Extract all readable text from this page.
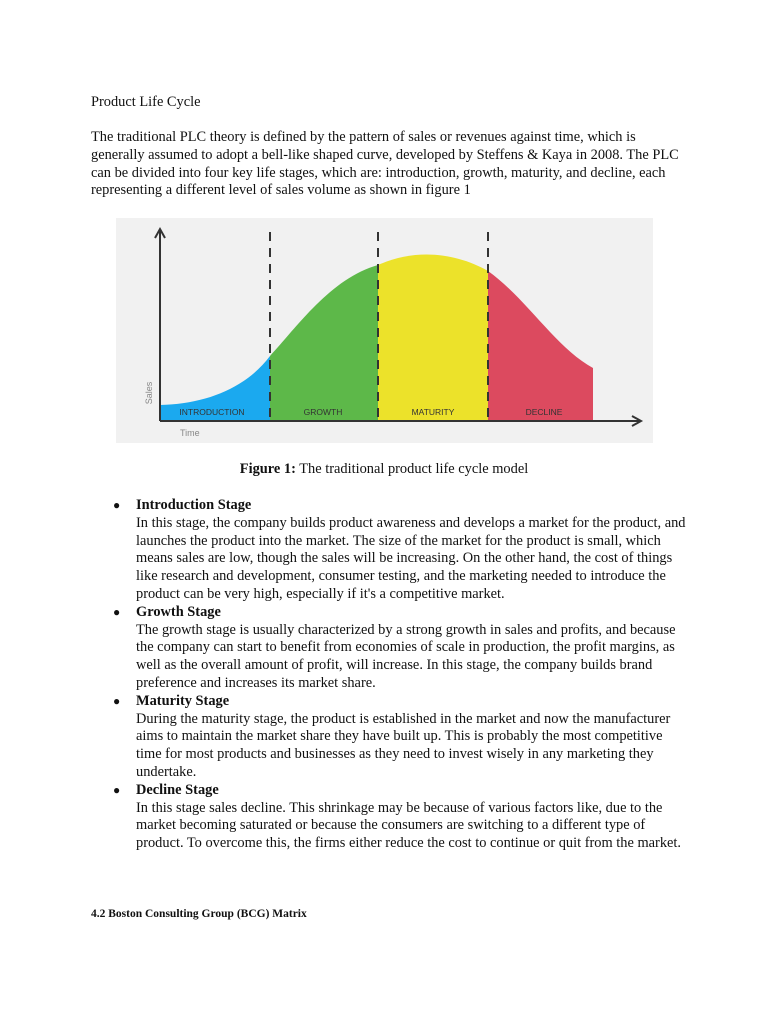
Product Life Cycle
The traditional PLC theory is defined by the pattern of sales or revenues against time, which is generally assumed to adopt a bell-like shaped curve, developed by Steffens & Kaya in 2008. The PLC can be divided into four key life stages, which are: introduction, growth, maturity, and decline, each representing a different level of sales volume as shown in figure 1
INTRODUCTION	GROWTH	MATURITY	DECLINE
Sales
Time
Figure 1: The traditional product life cycle model
● Introduction Stage
In this stage, the company builds product awareness and develops a market for the product, and launches the product into the market. The size of the market for the product is small, which means sales are low, though the sales will be increasing. On the other hand, the cost of things like research and development, consumer testing, and the marketing needed to introduce the product can be very high, especially if it's a competitive market.
● Growth Stage
The growth stage is usually characterized by a strong growth in sales and profits, and because the company can start to benefit from economies of scale in production, the profit margins, as well as the overall amount of profit, will increase. In this stage, the company builds brand preference and increases its market share.
● Maturity Stage
During the maturity stage, the product is established in the market and now the manufacturer aims to maintain the market share they have built up. This is probably the most competitive time for most products and businesses as they need to invest wisely in any marketing they undertake.
● Decline Stage
In this stage sales decline. This shrinkage may be because of various factors like, due to the market becoming saturated or because the consumers are switching to a different type of product. To overcome this, the firms either reduce the cost to continue or quit from the market.
4.2 Boston Consulting Group (BCG) Matrix
